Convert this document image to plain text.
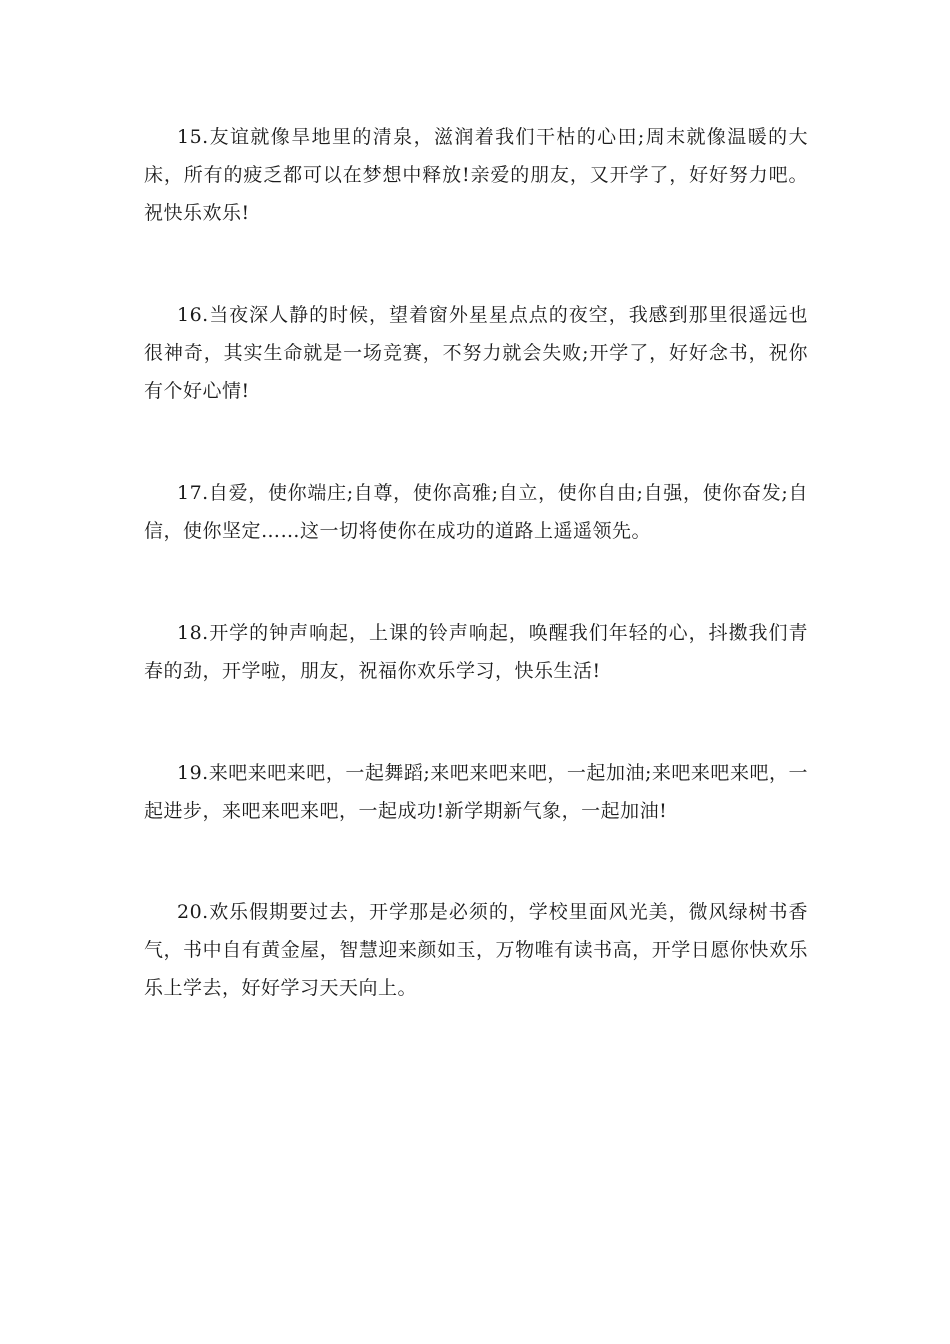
15.友谊就像旱地里的清泉，滋润着我们干枯的心田;周末就像温暖的大床，所有的疲乏都可以在梦想中释放!亲爱的朋友，又开学了，好好努力吧。祝快乐欢乐!

16.当夜深人静的时候，望着窗外星星点点的夜空，我感到那里很遥远也很神奇，其实生命就是一场竞赛，不努力就会失败;开学了，好好念书，祝你有个好心情!

17.自爱，使你端庄;自尊，使你高雅;自立，使你自由;自强，使你奋发;自信，使你坚定……这一切将使你在成功的道路上遥遥领先。

18.开学的钟声响起，上课的铃声响起，唤醒我们年轻的心，抖擞我们青春的劲，开学啦，朋友，祝福你欢乐学习，快乐生活!

19.来吧来吧来吧，一起舞蹈;来吧来吧来吧，一起加油;来吧来吧来吧，一起进步，来吧来吧来吧，一起成功!新学期新气象，一起加油!

20.欢乐假期要过去，开学那是必须的，学校里面风光美，微风绿树书香气，书中自有黄金屋，智慧迎来颜如玉，万物唯有读书高，开学日愿你快欢乐乐上学去，好好学习天天向上。
